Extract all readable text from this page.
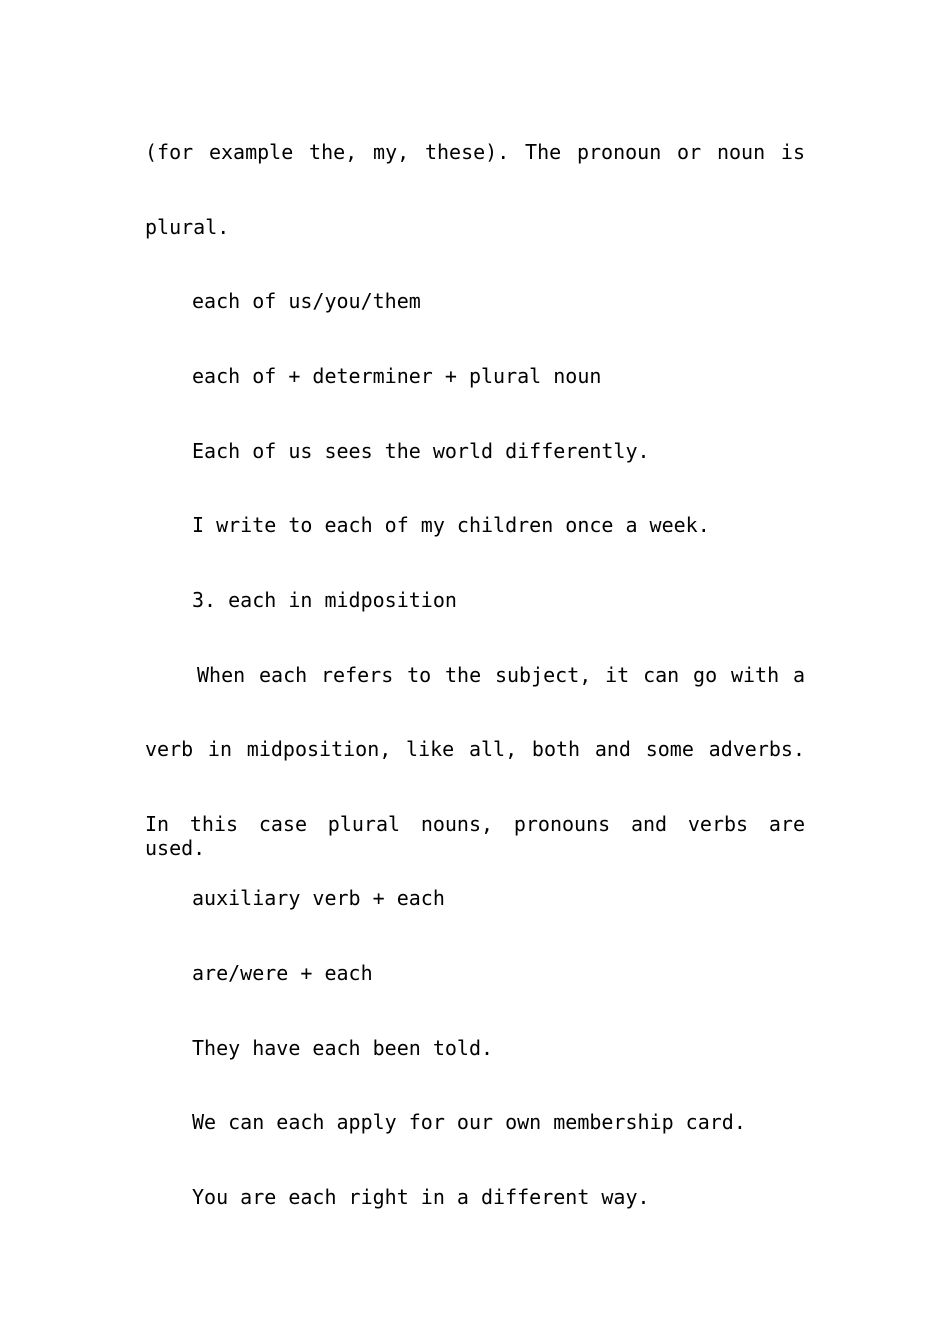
(for example the, my, these). The pronoun or noun is
plural.
each of us/you/them
each of + determiner + plural noun
Each of us sees the world differently.
I write to each of my children once a week.
3. each in midposition
When each refers to the subject, it can go with a
verb in midposition, like all, both and some adverbs.
In this case plural nouns, pronouns and verbs are used.
auxiliary verb + each
are/were + each
They have each been told.
We can each apply for our own membership card.
You are each right in a different way.
